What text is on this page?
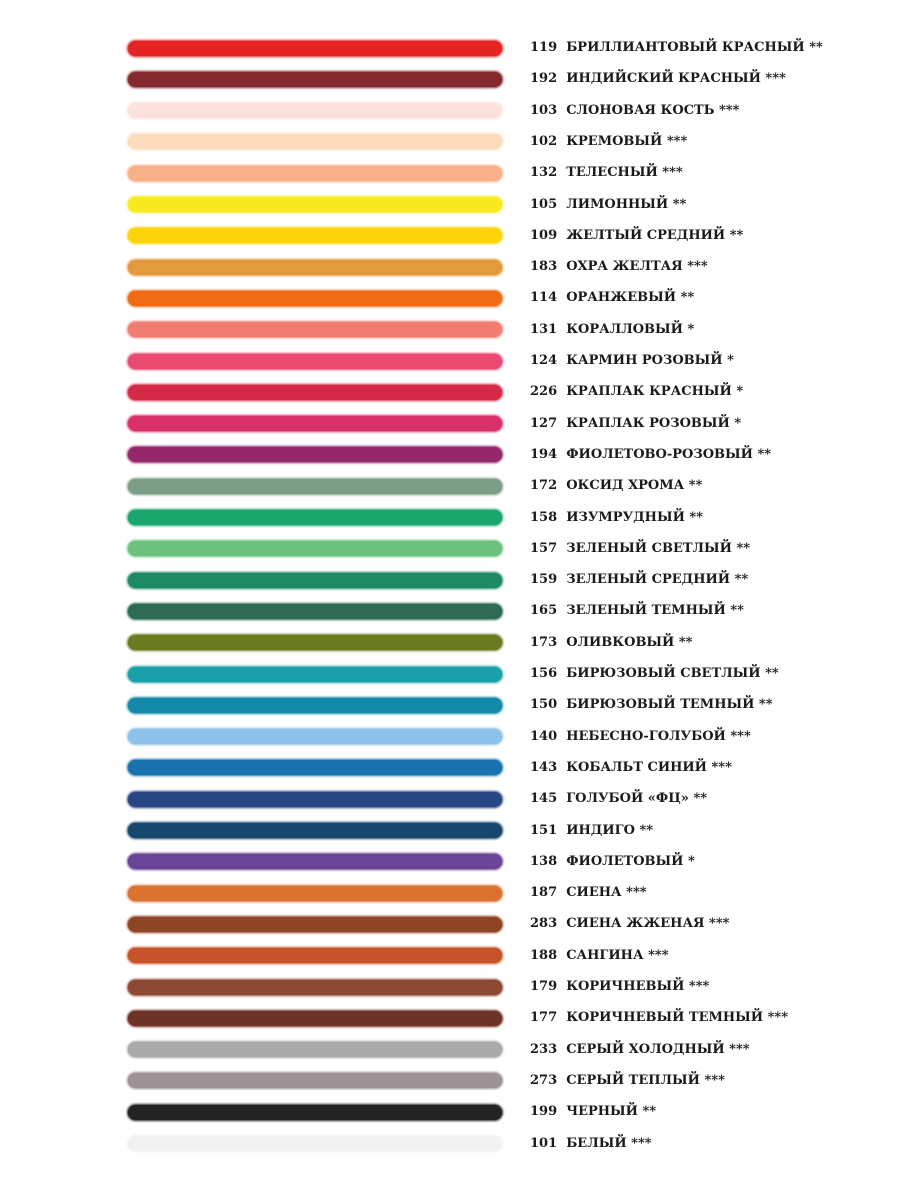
119 БРИЛЛИАНТОВЫЙ КРАСНЫЙ **
192 ИНДИЙСКИЙ КРАСНЫЙ ***
103 СЛОНОВАЯ КОСТЬ ***
102 КРЕМОВЫЙ ***
132 ТЕЛЕСНЫЙ ***
105 ЛИМОННЫЙ **
109 ЖЕЛТЫЙ СРЕДНИЙ **
183 ОХРА ЖЕЛТАЯ ***
114 ОРАНЖЕВЫЙ **
131 КОРАЛЛОВЫЙ *
124 КАРМИН РОЗОВЫЙ *
226 КРАПЛАК КРАСНЫЙ *
127 КРАПЛАК РОЗОВЫЙ *
194 ФИОЛЕТОВО-РОЗОВЫЙ **
172 ОКСИД ХРОМА **
158 ИЗУМРУДНЫЙ **
157 ЗЕЛЕНЫЙ СВЕТЛЫЙ **
159 ЗЕЛЕНЫЙ СРЕДНИЙ **
165 ЗЕЛЕНЫЙ ТЕМНЫЙ **
173 ОЛИВКОВЫЙ **
156 БИРЮЗОВЫЙ СВЕТЛЫЙ **
150 БИРЮЗОВЫЙ ТЕМНЫЙ **
140 НЕБЕСНО-ГОЛУБОЙ ***
143 КОБАЛЬТ СИНИЙ ***
145 ГОЛУБОЙ «ФЦ» **
151 ИНДИГО **
138 ФИОЛЕТОВЫЙ *
187 СИЕНА ***
283 СИЕНА ЖЖЕНАЯ ***
188 САНГИНА ***
179 КОРИЧНЕВЫЙ ***
177 КОРИЧНЕВЫЙ ТЕМНЫЙ ***
233 СЕРЫЙ ХОЛОДНЫЙ ***
273 СЕРЫЙ ТЕПЛЫЙ ***
199 ЧЕРНЫЙ **
101 БЕЛЫЙ ***
